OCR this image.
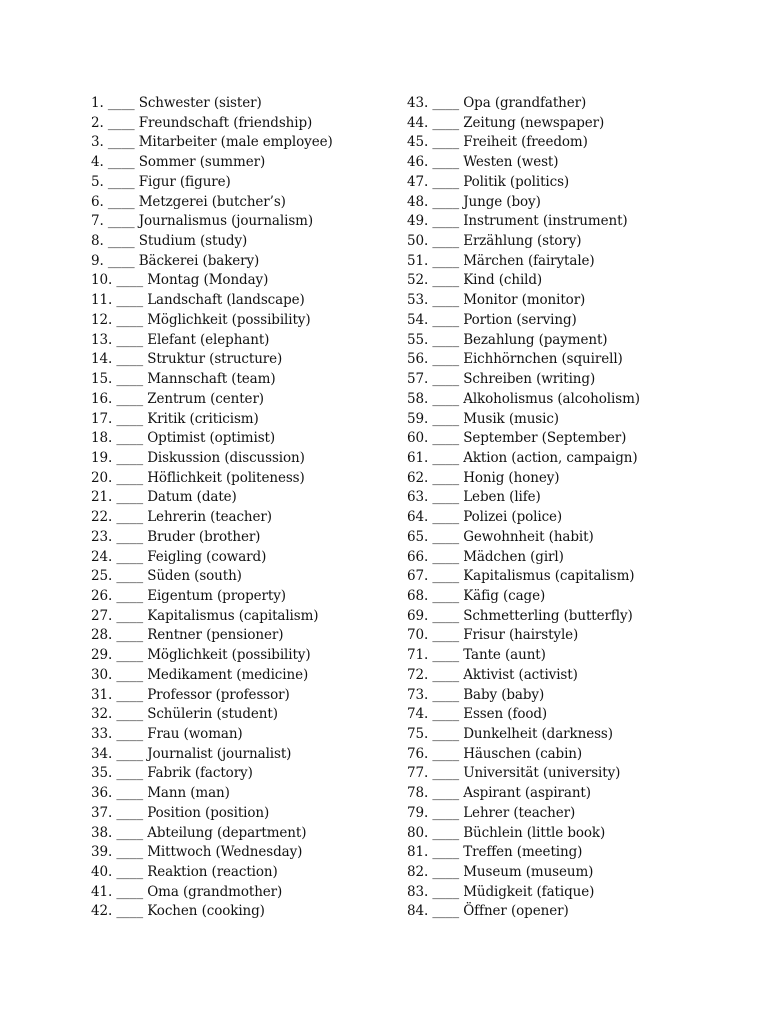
1. ____ Schwester (sister)
2. ____ Freundschaft (friendship)
3. ____ Mitarbeiter (male employee)
4. ____ Sommer (summer)
5. ____ Figur (figure)
6. ____ Metzgerei (butcher’s)
7. ____ Journalismus (journalism)
8. ____ Studium (study)
9. ____ Bäckerei (bakery)
10. ____ Montag (Monday)
11. ____ Landschaft (landscape)
12. ____ Möglichkeit (possibility)
13. ____ Elefant (elephant)
14. ____ Struktur (structure)
15. ____ Mannschaft (team)
16. ____ Zentrum (center)
17. ____ Kritik (criticism)
18. ____ Optimist (optimist)
19. ____ Diskussion (discussion)
20. ____ Höflichkeit (politeness)
21. ____ Datum (date)
22. ____ Lehrerin (teacher)
23. ____ Bruder (brother)
24. ____ Feigling (coward)
25. ____ Süden (south)
26. ____ Eigentum (property)
27. ____ Kapitalismus (capitalism)
28. ____ Rentner (pensioner)
29. ____ Möglichkeit (possibility)
30. ____ Medikament (medicine)
31. ____ Professor (professor)
32. ____ Schülerin (student)
33. ____ Frau (woman)
34. ____ Journalist (journalist)
35. ____ Fabrik (factory)
36. ____ Mann (man)
37. ____ Position (position)
38. ____ Abteilung (department)
39. ____ Mittwoch (Wednesday)
40. ____ Reaktion (reaction)
41. ____ Oma (grandmother)
42. ____ Kochen (cooking)
43. ____ Opa (grandfather)
44. ____ Zeitung (newspaper)
45. ____ Freiheit (freedom)
46. ____ Westen (west)
47. ____ Politik (politics)
48. ____ Junge (boy)
49. ____ Instrument (instrument)
50. ____ Erzählung (story)
51. ____ Märchen (fairytale)
52. ____ Kind (child)
53. ____ Monitor (monitor)
54. ____ Portion (serving)
55. ____ Bezahlung (payment)
56. ____ Eichhörnchen (squirell)
57. ____ Schreiben (writing)
58. ____ Alkoholismus (alcoholism)
59. ____ Musik (music)
60. ____ September (September)
61. ____ Aktion (action, campaign)
62. ____ Honig (honey)
63. ____ Leben (life)
64. ____ Polizei (police)
65. ____ Gewohnheit (habit)
66. ____ Mädchen (girl)
67. ____ Kapitalismus (capitalism)
68. ____ Käfig (cage)
69. ____ Schmetterling (butterfly)
70. ____ Frisur (hairstyle)
71. ____ Tante (aunt)
72. ____ Aktivist (activist)
73. ____ Baby (baby)
74. ____ Essen (food)
75. ____ Dunkelheit (darkness)
76. ____ Häuschen (cabin)
77. ____ Universität (university)
78. ____ Aspirant (aspirant)
79. ____ Lehrer (teacher)
80. ____ Büchlein (little book)
81. ____ Treffen (meeting)
82. ____ Museum (museum)
83. ____ Müdigkeit (fatique)
84. ____ Öffner (opener)
